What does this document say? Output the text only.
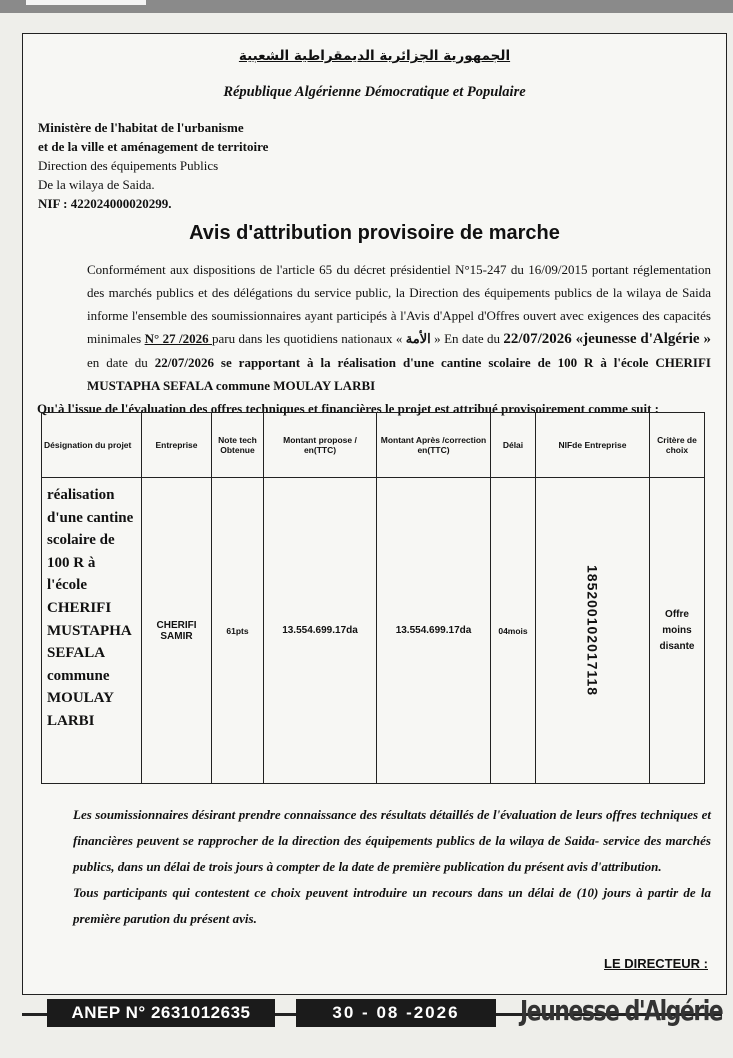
الجمهورية الجزائرية الديمقراطية الشعبية
République Algérienne Démocratique et Populaire
Ministère de l'habitat de l'urbanisme
et de la ville et aménagement de territoire
Direction des équipements Publics
De la wilaya de Saida.
NIF : 422024000020299.
Avis d'attribution provisoire de marche
Conformément aux dispositions de l'article 65 du décret présidentiel N°15-247 du 16/09/2015 portant réglementation des marchés publics et des délégations du service public, la Direction des équipements publics de la wilaya de Saida informe l'ensemble des soumissionnaires ayant participés à l'Avis d'Appel d'Offres ouvert avec exigences des capacités minimales N° 27 /2026 paru dans les quotidiens nationaux « الأمة » En date du 22/07/2026 «jeunesse d'Algérie » en date du 22/07/2026 se rapportant à la réalisation d'une cantine scolaire de 100 R à l'école CHERIFI MUSTAPHA SEFALA commune MOULAY LARBI
Qu'à l'issue de l'évaluation des offres techniques et financières le projet est attribué provisoirement comme suit :
Désignation du projet	Entreprise	Note tech Obtenue	Montant propose / en(TTC)	Montant Après /correction en(TTC)	Délai	NIFde Entreprise	Critère de choix
réalisation d'une cantine scolaire de 100 R à l'école CHERIFI MUSTAPHA SEFALA commune MOULAY LARBI	CHERIFI SAMIR	61pts	13.554.699.17da	13.554.699.17da	04mois	185200102017118	Offre moins disante
Les soumissionnaires désirant prendre connaissance des résultats détaillés de l'évaluation de leurs offres techniques et financières peuvent se rapprocher de la direction des équipements publics de la wilaya de Saida- service des marchés publics, dans un délai de trois jours à compter de la date de première publication du présent avis d'attribution.
Tous participants qui contestent ce choix peuvent introduire un recours dans un délai de (10) jours à partir de la première parution du présent avis.
LE DIRECTEUR :
ANEP N° 2631012635	30 - 08 -2026	Jeunesse d'Algérie
